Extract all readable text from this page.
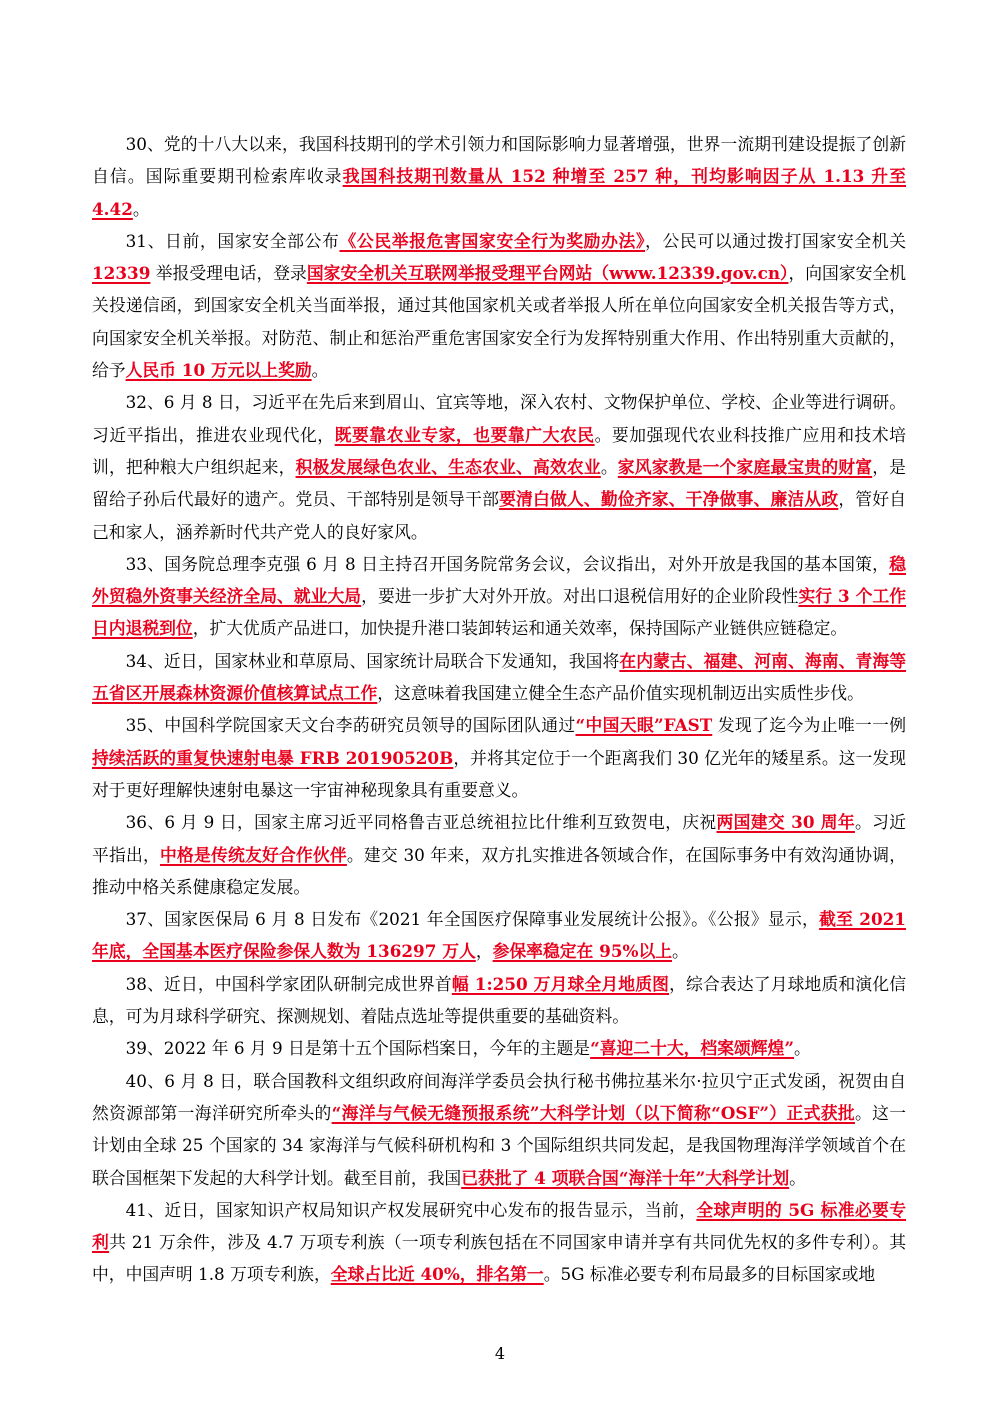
30、党的十八大以来，我国科技期刊的学术引领力和国际影响力显著增强，世界一流期刊建设提振了创新自信。国际重要期刊检索库收录我国科技期刊数量从 152 种增至 257 种，刊均影响因子从 1.13 升至 4.42。

31、日前，国家安全部公布《公民举报危害国家安全行为奖励办法》，公民可以通过拨打国家安全机关 12339 举报受理电话，登录国家安全机关互联网举报受理平台网站（www.12339.gov.cn），向国家安全机关投递信函，到国家安全机关当面举报，通过其他国家机关或者举报人所在单位向国家安全机关报告等方式，向国家安全机关举报。对防范、制止和惩治严重危害国家安全行为发挥特别重大作用、作出特别重大贡献的，给予人民币 10 万元以上奖励。

32、6 月 8 日，习近平在先后来到眉山、宜宾等地，深入农村、文物保护单位、学校、企业等进行调研。习近平指出，推进农业现代化，既要靠农业专家，也要靠广大农民。要加强现代农业科技推广应用和技术培训，把种粮大户组织起来，积极发展绿色农业、生态农业、高效农业。家风家教是一个家庭最宝贵的财富，是留给子孙后代最好的遗产。党员、干部特别是领导干部要清白做人、勤俭齐家、干净做事、廉洁从政，管好自己和家人，涵养新时代共产党人的良好家风。

33、国务院总理李克强 6 月 8 日主持召开国务院常务会议，会议指出，对外开放是我国的基本国策，稳外贸稳外资事关经济全局、就业大局，要进一步扩大对外开放。对出口退税信用好的企业阶段性实行 3 个工作日内退税到位，扩大优质产品进口，加快提升港口装卸转运和通关效率，保持国际产业链供应链稳定。

34、近日，国家林业和草原局、国家统计局联合下发通知，我国将在内蒙古、福建、河南、海南、青海等五省区开展森林资源价值核算试点工作，这意味着我国建立健全生态产品价值实现机制迈出实质性步伐。

35、中国科学院国家天文台李菂研究员领导的国际团队通过“中国天眼”FAST 发现了迄今为止唯一一例持续活跃的重复快速射电暴 FRB 20190520B，并将其定位于一个距离我们 30 亿光年的矮星系。这一发现对于更好理解快速射电暴这一宇宙神秘现象具有重要意义。

36、6 月 9 日，国家主席习近平同格鲁吉亚总统祖拉比什维利互致贺电，庆祝两国建交 30 周年。习近平指出，中格是传统友好合作伙伴。建交 30 年来，双方扎实推进各领域合作，在国际事务中有效沟通协调，推动中格关系健康稳定发展。

37、国家医保局 6 月 8 日发布《2021 年全国医疗保障事业发展统计公报》。《公报》显示，截至 2021 年底，全国基本医疗保险参保人数为 136297 万人，参保率稳定在 95%以上。

38、近日，中国科学家团队研制完成世界首幅 1:250 万月球全月地质图，综合表达了月球地质和演化信息，可为月球科学研究、探测规划、着陆点选址等提供重要的基础资料。

39、2022 年 6 月 9 日是第十五个国际档案日，今年的主题是“喜迎二十大，档案颂辉煌”。

40、6 月 8 日，联合国教科文组织政府间海洋学委员会执行秘书佛拉基米尔·拉贝宁正式发函，祝贺由自然资源部第一海洋研究所牵头的“海洋与气候无缝预报系统”大科学计划（以下简称“OSF”）正式获批。这一计划由全球 25 个国家的 34 家海洋与气候科研机构和 3 个国际组织共同发起，是我国物理海洋学领域首个在联合国框架下发起的大科学计划。截至目前，我国已获批了 4 项联合国“海洋十年”大科学计划。

41、近日，国家知识产权局知识产权发展研究中心发布的报告显示，当前，全球声明的 5G 标准必要专利共 21 万余件，涉及 4.7 万项专利族（一项专利族包括在不同国家申请并享有共同优先权的多件专利）。其中，中国声明 1.8 万项专利族，全球占比近 40%，排名第一。5G 标准必要专利布局最多的目标国家或地

4
